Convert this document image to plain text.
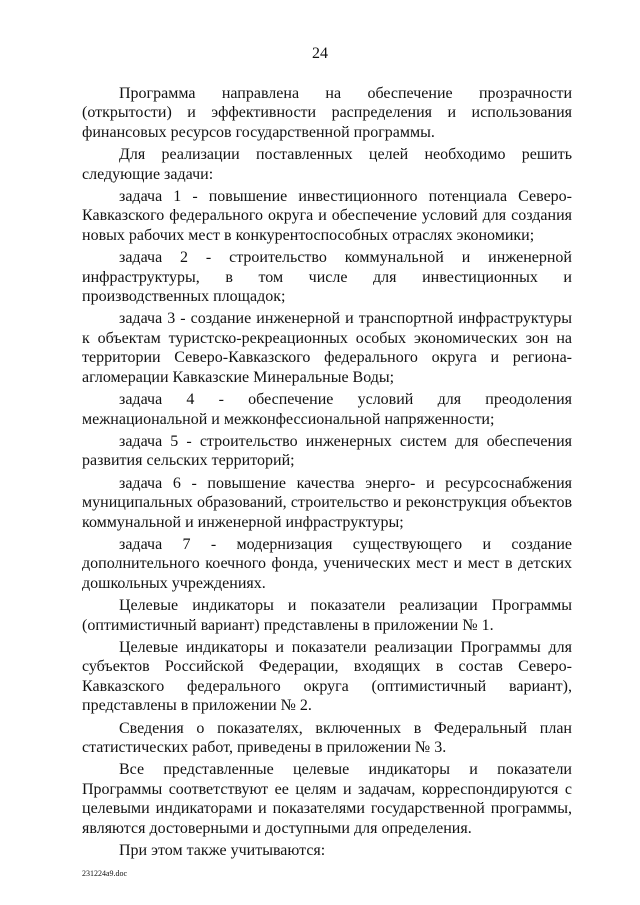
24

Программа направлена на обеспечение прозрачности (открытости) и эффективности распределения и использования финансовых ресурсов государственной программы.

Для реализации поставленных целей необходимо решить следующие задачи:

задача 1 - повышение инвестиционного потенциала Северо-Кавказского федерального округа и обеспечение условий для создания новых рабочих мест в конкурентоспособных отраслях экономики;

задача 2 - строительство коммунальной и инженерной инфраструктуры, в том числе для инвестиционных и производственных площадок;

задача 3 - создание инженерной и транспортной инфраструктуры к объектам туристско-рекреационных особых экономических зон на территории Северо-Кавказского федерального округа и региона-агломерации Кавказские Минеральные Воды;

задача 4 - обеспечение условий для преодоления межнациональной и межконфессиональной напряженности;

задача 5 - строительство инженерных систем для обеспечения развития сельских территорий;

задача 6 - повышение качества энерго- и ресурсоснабжения муниципальных образований, строительство и реконструкция объектов коммунальной и инженерной инфраструктуры;

задача 7 - модернизация существующего и создание дополнительного коечного фонда, ученических мест и мест в детских дошкольных учреждениях.

Целевые индикаторы и показатели реализации Программы (оптимистичный вариант) представлены в приложении № 1.

Целевые индикаторы и показатели реализации Программы для субъектов Российской Федерации, входящих в состав Северо-Кавказского федерального округа (оптимистичный вариант), представлены в приложении № 2.

Сведения о показателях, включенных в Федеральный план статистических работ, приведены в приложении № 3.

Все представленные целевые индикаторы и показатели Программы соответствуют ее целям и задачам, корреспондируются с целевыми индикаторами и показателями государственной программы, являются достоверными и доступными для определения.

При этом также учитываются:

231224a9.doc
